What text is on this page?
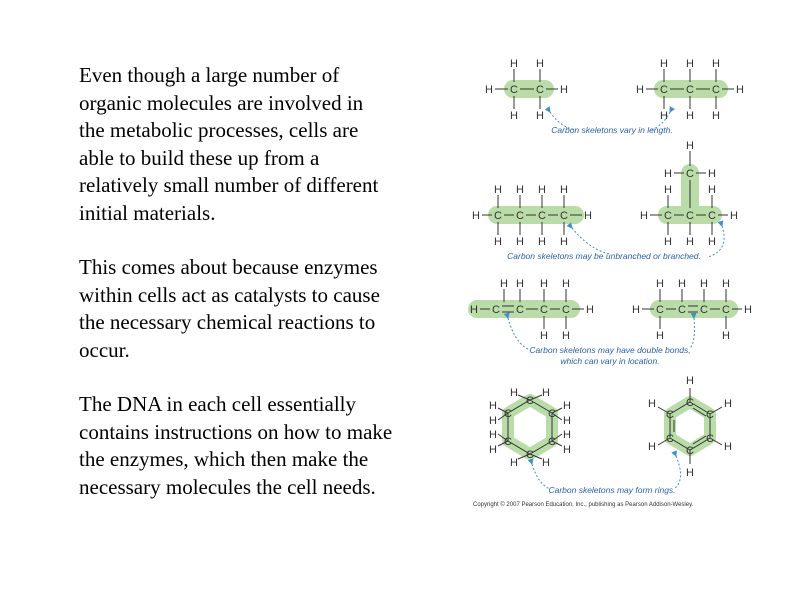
Even though a large number of
organic molecules are involved in
the metabolic processes, cells are
able to build these up from a
relatively small number of different
initial materials.

This comes about because enzymes
within cells act as catalysts to cause
the necessary chemical reactions to
occur.

The DNA in each cell essentially
contains instructions on how to make
the enzymes, which then make the
necessary molecules the cell needs.

H C C H
H H
H H
H C C C H
H H H
H H H
Carbon skeletons vary in length.
H C C C C H
H H H H
H H H H
H
H C H
H C C C H
H	H
H H H
Carbon skeletons may be unbranched or branched.
H C C C C H
H H H H
H H
H C C C C H
H H H H
H	H
Carbon skeletons may have double bonds,
which can vary in location.
C
C
C
C
C
C
H H
H
H
H
H
H H
H
H
H
H
C
C
C
C
C
C
H
H
H
H
H
H
Carbon skeletons may form rings.
Copyright © 2007 Pearson Education, Inc., publishing as Pearson Addison-Wesley.
